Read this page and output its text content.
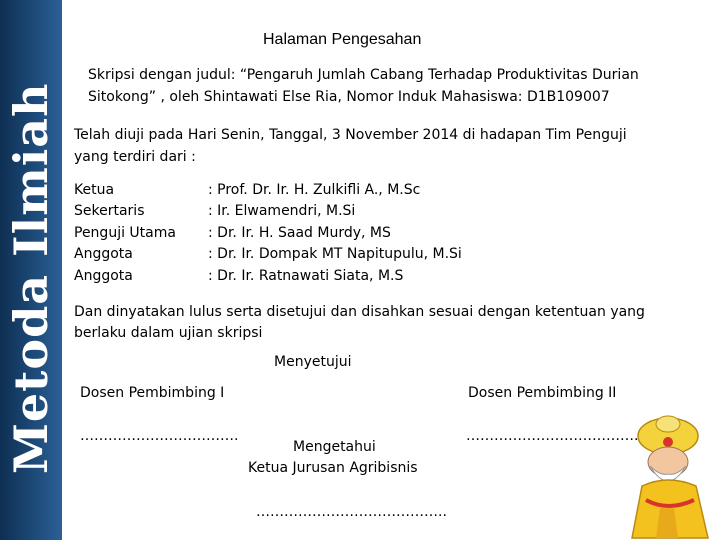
Metoda Ilmiah
Halaman Pengesahan
Skripsi dengan judul: “Pengaruh Jumlah Cabang Terhadap Produktivitas Durian
Sitokong” , oleh Shintawati Else Ria, Nomor Induk Mahasiswa: D1B109007
Telah diuji pada Hari Senin, Tanggal, 3 November 2014 di hadapan Tim Penguji
yang terdiri dari :
Ketua	: Prof. Dr. Ir. H. Zulkifli A., M.Sc
Sekertaris	: Ir. Elwamendri, M.Si
Penguji Utama : Dr. Ir. H. Saad Murdy, MS
Anggota	: Dr. Ir. Dompak MT Napitupulu, M.Si
Anggota	: Dr. Ir. Ratnawati Siata, M.S
Dan dinyatakan lulus serta disetujui dan disahkan sesuai dengan ketentuan yang
berlaku dalam ujian skripsi
Menyetujui
Dosen Pembimbing I	Dosen Pembimbing II
…………………………….	……………………………….
Mengetahui
Ketua Jurusan Agribisnis
…………………………………..
